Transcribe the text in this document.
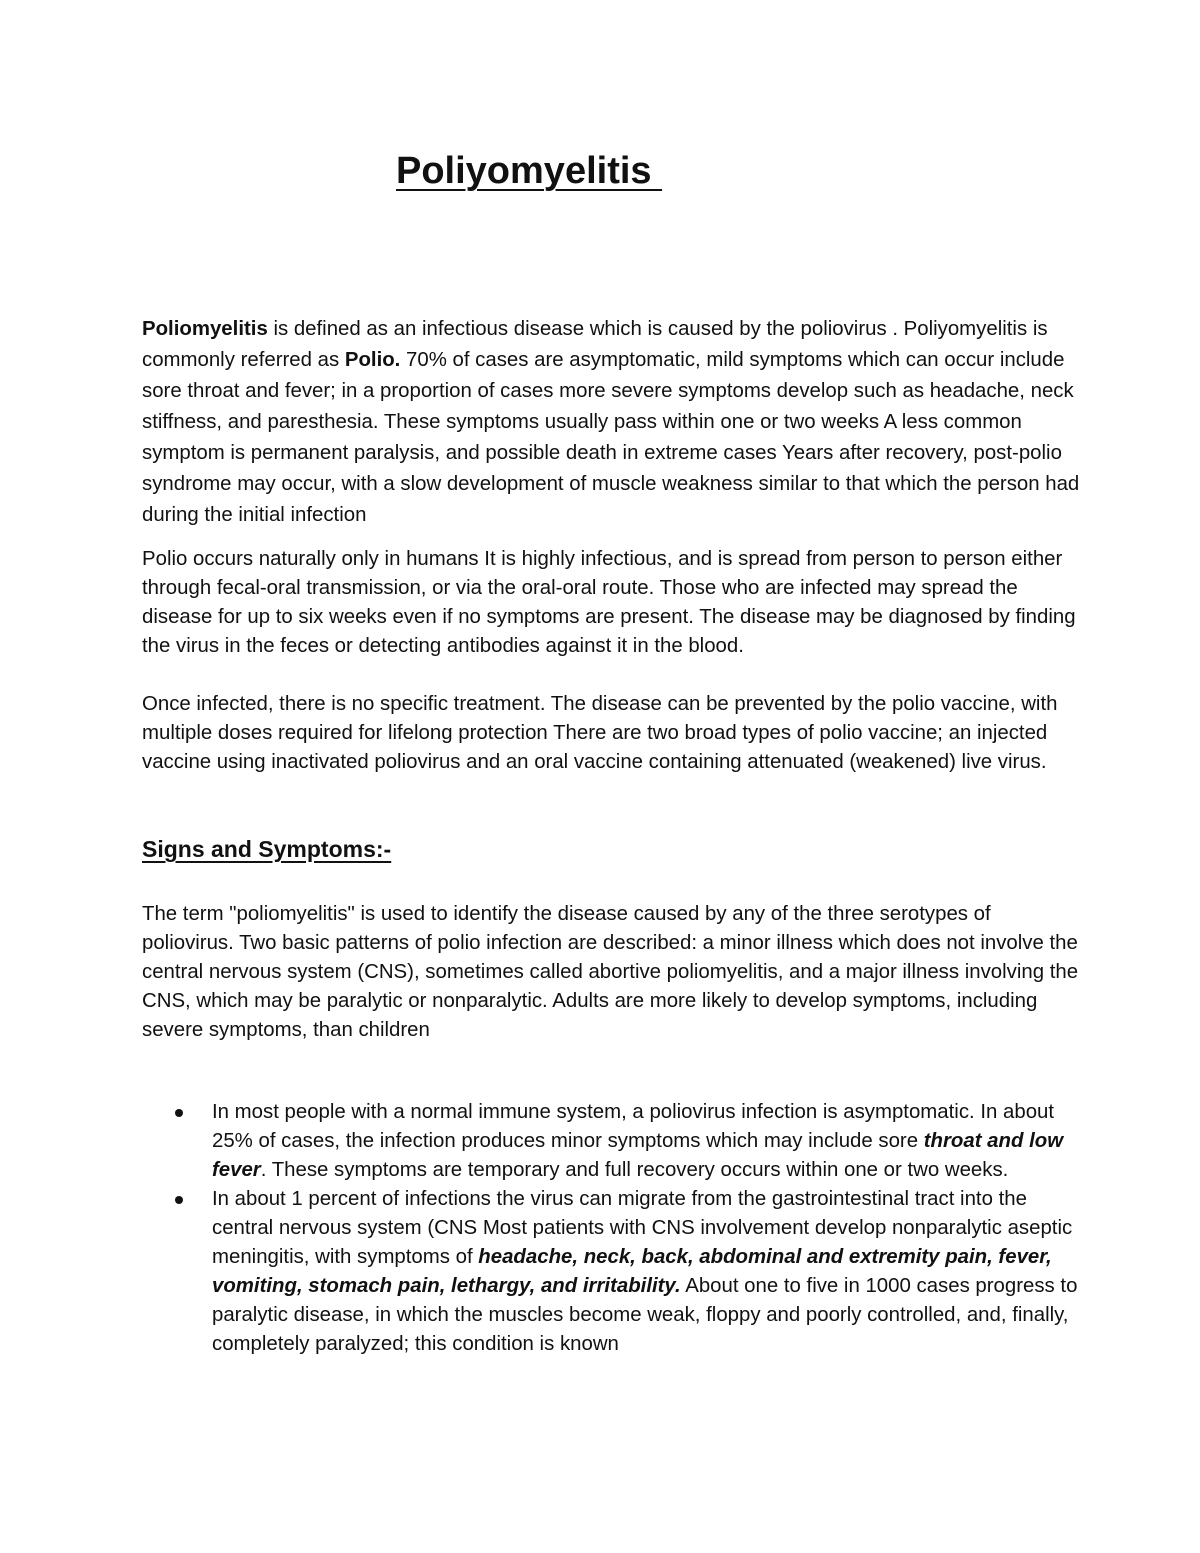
Poliyomyelitis

Poliomyelitis is defined as an infectious disease which is caused by the poliovirus . Poliyomyelitis is commonly referred as Polio. 70% of cases are asymptomatic, mild symptoms which can occur include sore throat and fever; in a proportion of cases more severe symptoms develop such as headache, neck stiffness, and paresthesia. These symptoms usually pass within one or two weeks A less common symptom is permanent paralysis, and possible death in extreme cases Years after recovery, post-polio syndrome may occur, with a slow development of muscle weakness similar to that which the person had during the initial infection

Polio occurs naturally only in humans It is highly infectious, and is spread from person to person either through fecal-oral transmission, or via the oral-oral route. Those who are infected may spread the disease for up to six weeks even if no symptoms are present. The disease may be diagnosed by finding the virus in the feces or detecting antibodies against it in the blood.

Once infected, there is no specific treatment. The disease can be prevented by the polio vaccine, with multiple doses required for lifelong protection There are two broad types of polio vaccine; an injected vaccine using inactivated poliovirus and an oral vaccine containing attenuated (weakened) live virus.

Signs and Symptoms:-

The term "poliomyelitis" is used to identify the disease caused by any of the three serotypes of poliovirus. Two basic patterns of polio infection are described: a minor illness which does not involve the central nervous system (CNS), sometimes called abortive poliomyelitis, and a major illness involving the CNS, which may be paralytic or nonparalytic. Adults are more likely to develop symptoms, including severe symptoms, than children

In most people with a normal immune system, a poliovirus infection is asymptomatic. In about 25% of cases, the infection produces minor symptoms which may include sore throat and low fever. These symptoms are temporary and full recovery occurs within one or two weeks.
In about 1 percent of infections the virus can migrate from the gastrointestinal tract into the central nervous system (CNS Most patients with CNS involvement develop nonparalytic aseptic meningitis, with symptoms of headache, neck, back, abdominal and extremity pain, fever, vomiting, stomach pain, lethargy, and irritability. About one to five in 1000 cases progress to paralytic disease, in which the muscles become weak, floppy and poorly controlled, and, finally, completely paralyzed; this condition is known
